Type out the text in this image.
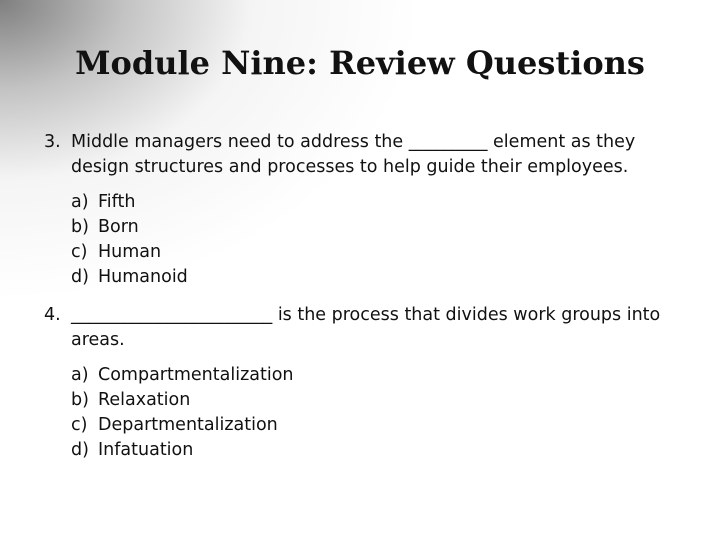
Module Nine: Review Questions
3. Middle managers need to address the _________ element as they design structures and processes to help guide their employees.
a) Fifth
b) Born
c) Human
d) Humanoid
4. _______________________ is the process that divides work groups into areas.
a) Compartmentalization
b) Relaxation
c) Departmentalization
d) Infatuation
